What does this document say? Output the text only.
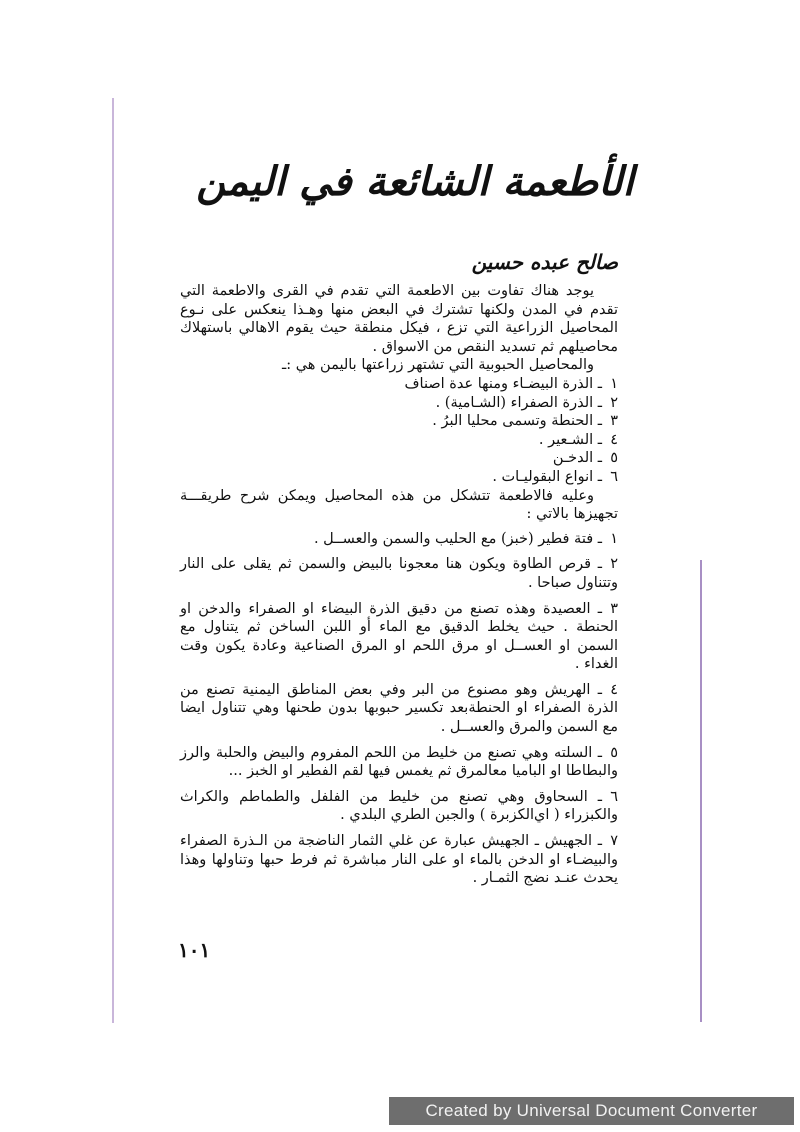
الأطعمة الشائعة في اليمن
صالح عبده حسين

يوجد هناك تفاوت بين الاطعمة التي تقدم في القرى والاطعمة التي تقدم في المدن ولكنها تشترك في البعض منها وهـذا ينعكس على نـوع المحاصيل الزراعية التي تزع ، فيكل منطقة حيث يقوم الاهالي باستهلاك محاصيلهم ثم تسديد النقص من الاسواق .

والمحاصيل الحبوبية التي تشتهر زراعتها باليمن هي :ـ

١ـ الذرة البيضـاء ومنها عدة اصناف
٢ـ الذرة الصفراء (الشـامية) .
٣ـ الحنطة وتسمى محليا البرُ .
٤ـ الشـعير .
٥ـ الدخـن
٦ـ انواع البقوليـات .

وعليه فالاطعمة تتشكل من هذه المحاصيل ويمكن شرح طريقـــة تجهيزها بالاتي :

١ـ فتة فطير (خبز) مع الحليب والسمن والعســل .
٢ـ قرص الطاوة ويكون هنا معجونا بالبيض والسمن ثم يقلى على النار وتتناول صباحا .
٣ـ العصيدة وهذه تصنع من دقيق الذرة البيضاء او الصفراء والدخن او الحنطة . حيث يخلط الدقيق مع الماء أو اللبن الساخن ثم يتناول مع السمن او العســل او مرق اللحم او المرق الصناعية وعادة يكون وقت الغداء .
٤ـ الهريش وهو مصنوع من البر وفي بعض المناطق اليمنية تصنع من الذرة الصفراء او الحنطةبعد تكسير حبوبها بدون طحنها وهي تتناول ايضا مع السمن والمرق والعســل .
٥ـ السلته وهي تصنع من خليط من اللحم المفروم والبيض والحلبة والرز والبطاطا او الباميا معالمرق ثم يغمس فيها لقم الفطير او الخبز ...
٦ـ السحاوق وهي تصنع من خليط من الفلفل والطماطم والكراث والكبزراء ( اي‌الكزبرة ) والجبن الطري البلدي .
٧ـ الجهيش ـ الجهيش عبارة عن غلي الثمار الناضجة من الـذرة الصفراء والبيضـاء او الدخن بالماء او على النار مباشرة ثم فرط حبها وتناولها وهذا يحدث عنـد نضج الثمـار .
١٠١
Created by Universal Document Converter
